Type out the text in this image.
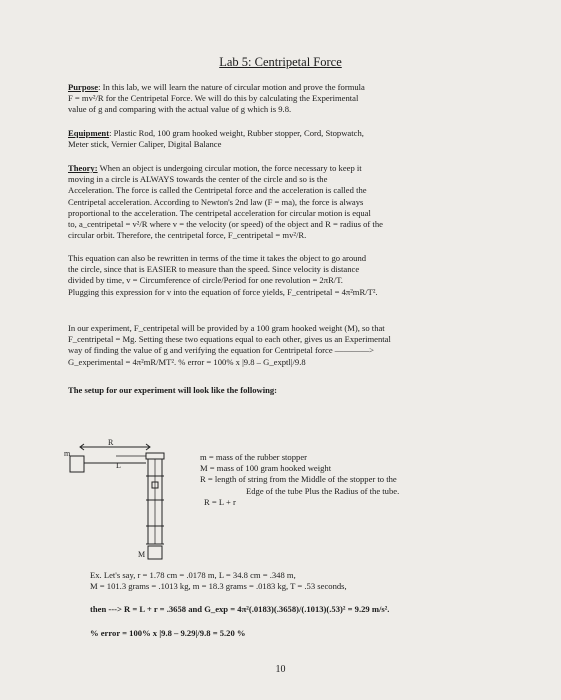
Lab 5: Centripetal Force
Purpose: In this lab, we will learn the nature of circular motion and prove the formula
F = mv²/R for the Centripetal Force. We will do this by calculating the Experimental
value of g and comparing with the actual value of g which is 9.8.
Equipment: Plastic Rod, 100 gram hooked weight, Rubber stopper, Cord, Stopwatch,
Meter stick, Vernier Caliper, Digital Balance
Theory: When an object is undergoing circular motion, the force necessary to keep it
moving in a circle is ALWAYS towards the center of the circle and so is the
Acceleration. The force is called the Centripetal force and the acceleration is called the
Centripetal acceleration. According to Newton's 2nd law (F = ma), the force is always
proportional to the acceleration. The centripetal acceleration for circular motion is equal
to, a_centripetal = v²/R where v = the velocity (or speed) of the object and R = radius of the
circular orbit. Therefore, the centripetal force, F_centripetal = mv²/R.
This equation can also be rewritten in terms of the time it takes the object to go around
the circle, since that is EASIER to measure than the speed. Since velocity is distance
divided by time, v = Circumference of circle/Period for one revolution = 2πR/T.
Plugging this expression for v into the equation of force yields, F_centripetal = 4π²mR/T².
In our experiment, F_centripetal will be provided by a 100 gram hooked weight (M), so that
F_centripetal = Mg. Setting these two equations equal to each other, gives us an Experimental
way of finding the value of g and verifying the equation for Centripetal force ————>
G_experimental = 4π²mR/MT². % error = 100% x |9.8 – G_exptl|/9.8
The setup for our experiment will look like the following:
R
m
L
M
m = mass of the rubber stopper
M = mass of 100 gram hooked weight
R = length of string from the Middle of the stopper to the
Edge of the tube Plus the Radius of the tube.
R = L + r
Ex. Let's say, r = 1.78 cm = .0178 m, L = 34.8 cm = .348 m,
M = 101.3 grams = .1013 kg, m = 18.3 grams = .0183 kg, T = .53 seconds,
then ---> R = L + r = .3658 and G_exp = 4π²(.0183)(.3658)/(.1013)(.53)² = 9.29 m/s².
% error = 100% x |9.8 – 9.29|/9.8 = 5.20 %
10
